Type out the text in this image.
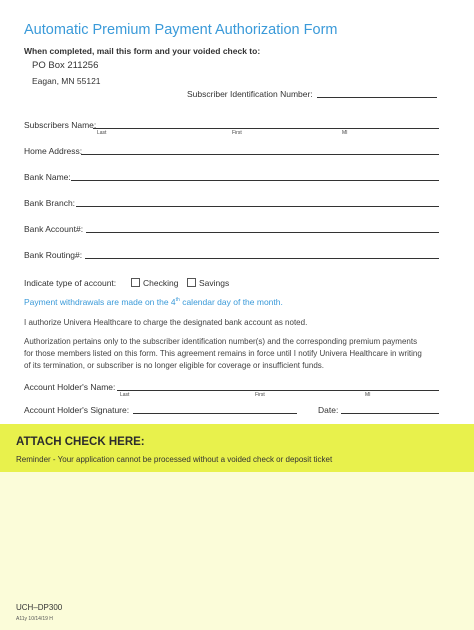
Automatic Premium Payment Authorization Form
When completed, mail this form and your voided check to:
PO Box 211256
Eagan, MN 55121
Subscriber Identification Number:
Subscribers Name:
Last	First	MI
Home Address:
Bank Name:
Bank Branch:
Bank Account#:
Bank Routing#:
Indicate type of account:	Checking	Savings
Payment withdrawals are made on the 4th calendar day of the month.
I authorize Univera Healthcare to charge the designated bank account as noted.
Authorization pertains only to the subscriber identification number(s) and the corresponding premium payments
for those members listed on this form. This agreement remains in force until I notify Univera Healthcare in writing
of its termination, or subscriber is no longer eligible for coverage or insufficient funds.
Account Holder's Name:
Last	First	MI
Account Holder's Signature:	Date:
ATTACH CHECK HERE:
Reminder - Your application cannot be processed without a voided check or deposit ticket
UCH–DP300
A11y 10/14/19 H
